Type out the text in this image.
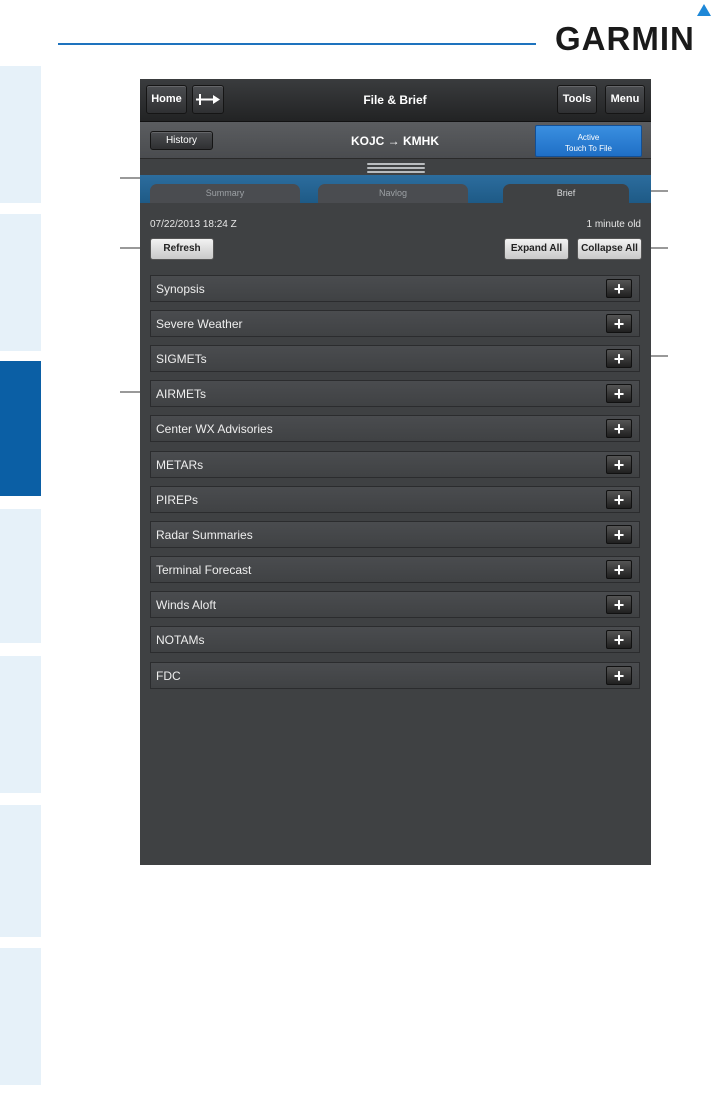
GARMIN
Home	File & Brief	Tools	Menu
History	KOJC → KMHK	Active
Touch To File
Summary	Navlog	Brief
07/22/2013 18:24 Z	1 minute old
Refresh	Expand All	Collapse All
Synopsis	+
Severe Weather	+
SIGMETs	+
AIRMETs	+
Center WX Advisories	+
METARs	+
PIREPs	+
Radar Summaries	+
Terminal Forecast	+
Winds Aloft	+
NOTAMs	+
FDC	+
